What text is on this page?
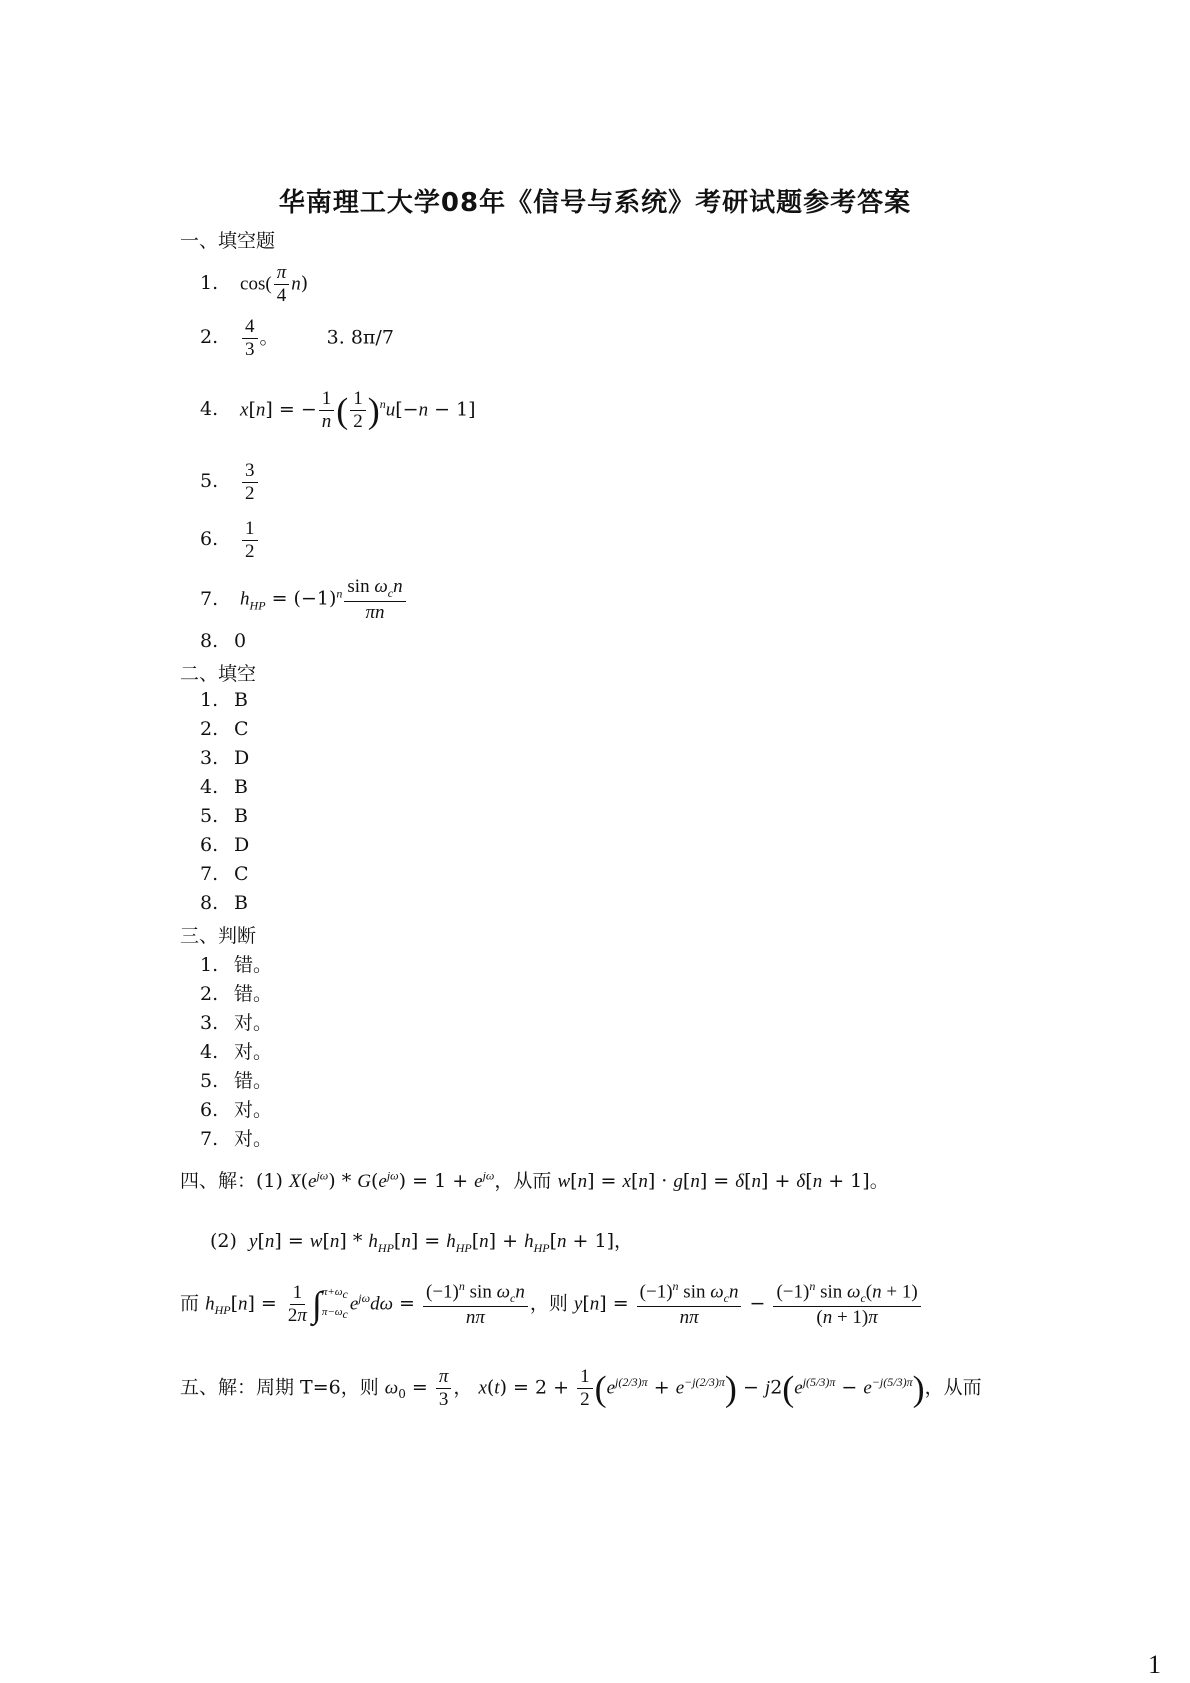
华南理工大学08年《信号与系统》考研试题参考答案
一、填空题
1. $\cos( \frac{\pi}{4} n)$
2. $\frac{4}{3}$ 。	3. 8π/7
4. x[n] = − $\frac{1}{n}$ ( $\frac{1}{2} )^nu[-n - 1]$
5. $\frac{3}{2}$
6. $\frac{1}{2}$
7. $h_{HP} = (-1)^n \frac{\sin \omega_cn}{\pi n}$
8. 0
二、填空
1. B
2. C
3. D
4. B
5. B
6. D
7. C
8. B
三、判断
1. 错。
2. 错。
3. 对。
4. 对。
5. 错。
6. 对。
7. 对。
四、解：(1) $X(e^{j\omega}) * G(e^{j\omega}) = 1 + e^{j\omega}$，从而 w[n] = x[n] · g[n] = δ[n] + δ[n + 1]。
(2) $y[n] = w[n] * h_{HP}[n] = h_{HP}[n] + h_{HP}[n + 1]$，
而 $h_{HP}[n] = \frac{1}{2\pi}$ ∫ $\pi+\omega_c$
$\pi-\omega_c$
$e^{j\omega}d\omega = \frac{(-1)^n \sin \omega_cn}{n\pi}$ ，则 $y[n] = \frac{(-1)^n \sin \omega_cn}{n\pi} - \frac{(-1)^n \sin \omega_c(n + 1)}{(n + 1)\pi}$
五、解：周期 T=6，则 $\omega_0 = \frac{\pi}{3}$ ， $x(t) = 2 + \frac{1}{2} (e^{j(2/3)\pi} + e^{-j(2/3)\pi}) - j2(e^{j(5/3)\pi} - e^{-j(5/3)\pi})$，从而
1
